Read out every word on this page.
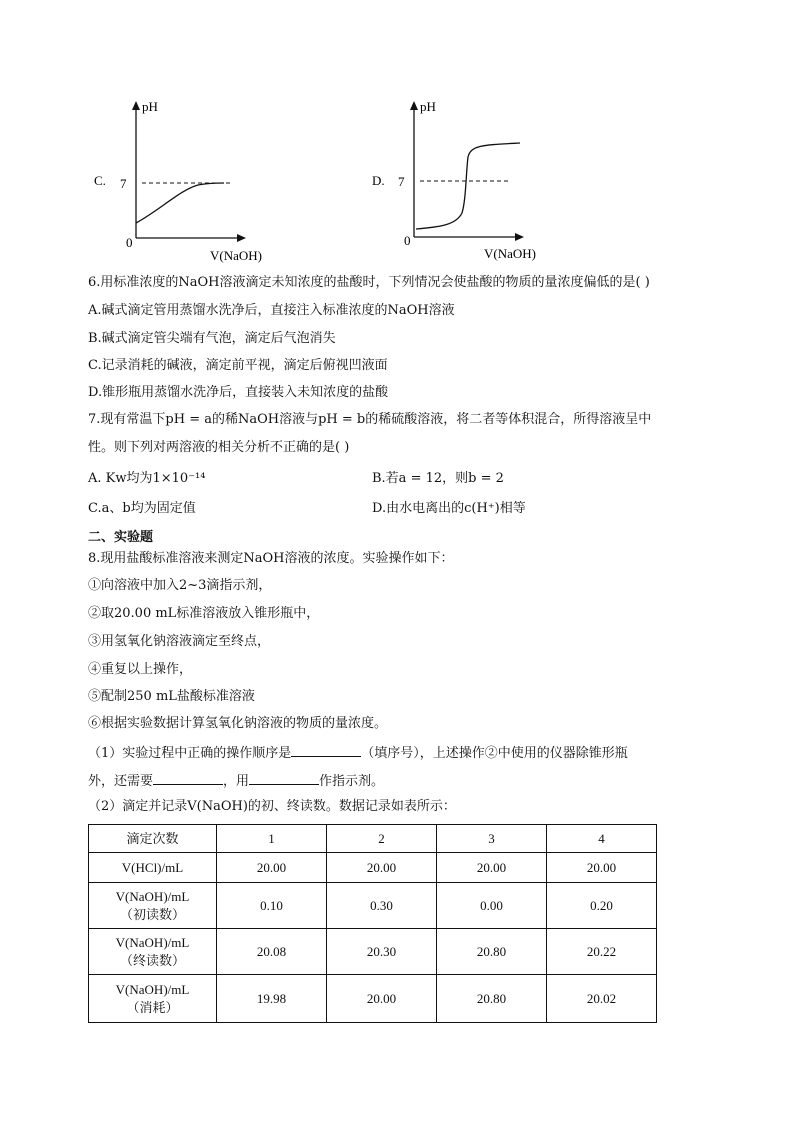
C.
pH
7
0
V(NaOH)
D.
pH
7
0
V(NaOH)
6.用标准浓度的NaOH溶液滴定未知浓度的盐酸时，下列情况会使盐酸的物质的量浓度偏低的是( )
A.碱式滴定管用蒸馏水洗净后，直接注入标准浓度的NaOH溶液
B.碱式滴定管尖端有气泡，滴定后气泡消失
C.记录消耗的碱液，滴定前平视，滴定后俯视凹液面
D.锥形瓶用蒸馏水洗净后，直接装入未知浓度的盐酸
7.现有常温下pH = a的稀NaOH溶液与pH = b的稀硫酸溶液，将二者等体积混合，所得溶液呈中
性。则下列对两溶液的相关分析不正确的是( )
A. Kw均为1×10⁻¹⁴	B.若a = 12，则b = 2
C.a、b均为固定值	D.由水电离出的c(H⁺)相等
二、实验题
8.现用盐酸标准溶液来测定NaOH溶液的浓度。实验操作如下：
①向溶液中加入2~3滴指示剂，
②取20.00 mL标准溶液放入锥形瓶中，
③用氢氧化钠溶液滴定至终点，
④重复以上操作，
⑤配制250 mL盐酸标准溶液
⑥根据实验数据计算氢氧化钠溶液的物质的量浓度。
（1）实验过程中正确的操作顺序是	（填序号），上述操作②中使用的仪器除锥形瓶
外，还需要	，用	作指示剂。
（2）滴定并记录V(NaOH)的初、终读数。数据记录如表所示：
滴定次数	1	2	3	4

V(HCl)/mL	20.00	20.00	20.00	20.00

V(NaOH)/mL
（初读数）	0.10	0.30	0.00	0.20

V(NaOH)/mL
（终读数）	20.08	20.30	20.80	20.22

V(NaOH)/mL
（消耗）	19.98	20.00	20.80	20.02
